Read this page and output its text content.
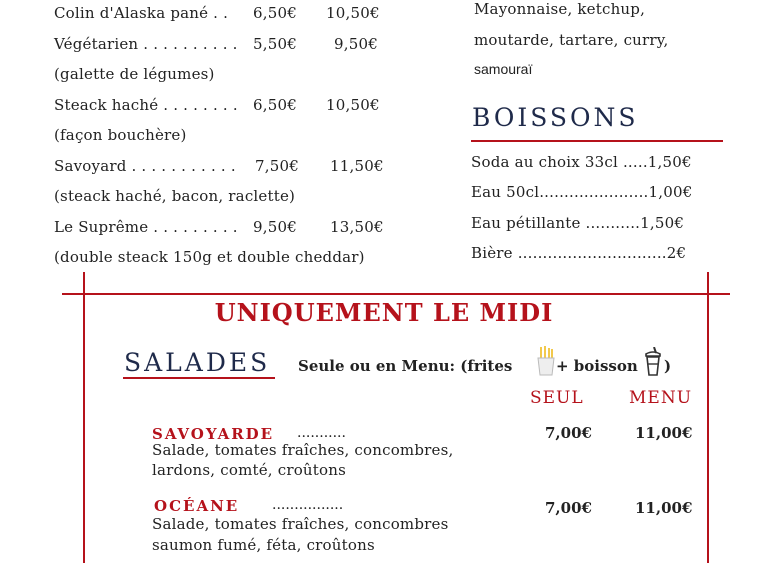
Colin d'Alaska pané . . 6,50€ 10,50€
Végétarien . . . . . . . . . . 5,50€ 9,50€
(galette de légumes)
Steack haché . . . . . . . . 6,50€ 10,50€
(façon bouchère)
Savoyard . . . . . . . . . . . 7,50€ 11,50€
(steack haché, bacon, raclette)
Le Suprême . . . . . . . . . 9,50€ 13,50€
(double steack 150g et double cheddar)
Mayonnaise, ketchup,
moutarde, tartare, curry,
samouraï
BOISSONS
Soda au choix 33cl .....1,50€
Eau 50cl......................1,00€
Eau pétillante ...........1,50€
Bière ..............................2€
UNIQUEMENT LE MIDI
SALADES Seule ou en Menu: (frites	+ boisson )
SEUL	MENU
SAVOYARDE ...........
Salade, tomates fraîches, concombres,
lardons, comté, croûtons
7,00€	11,00€
OCÉANE ................
Salade, tomates fraîches, concombres
saumon fumé, féta, croûtons
7,00€	11,00€
